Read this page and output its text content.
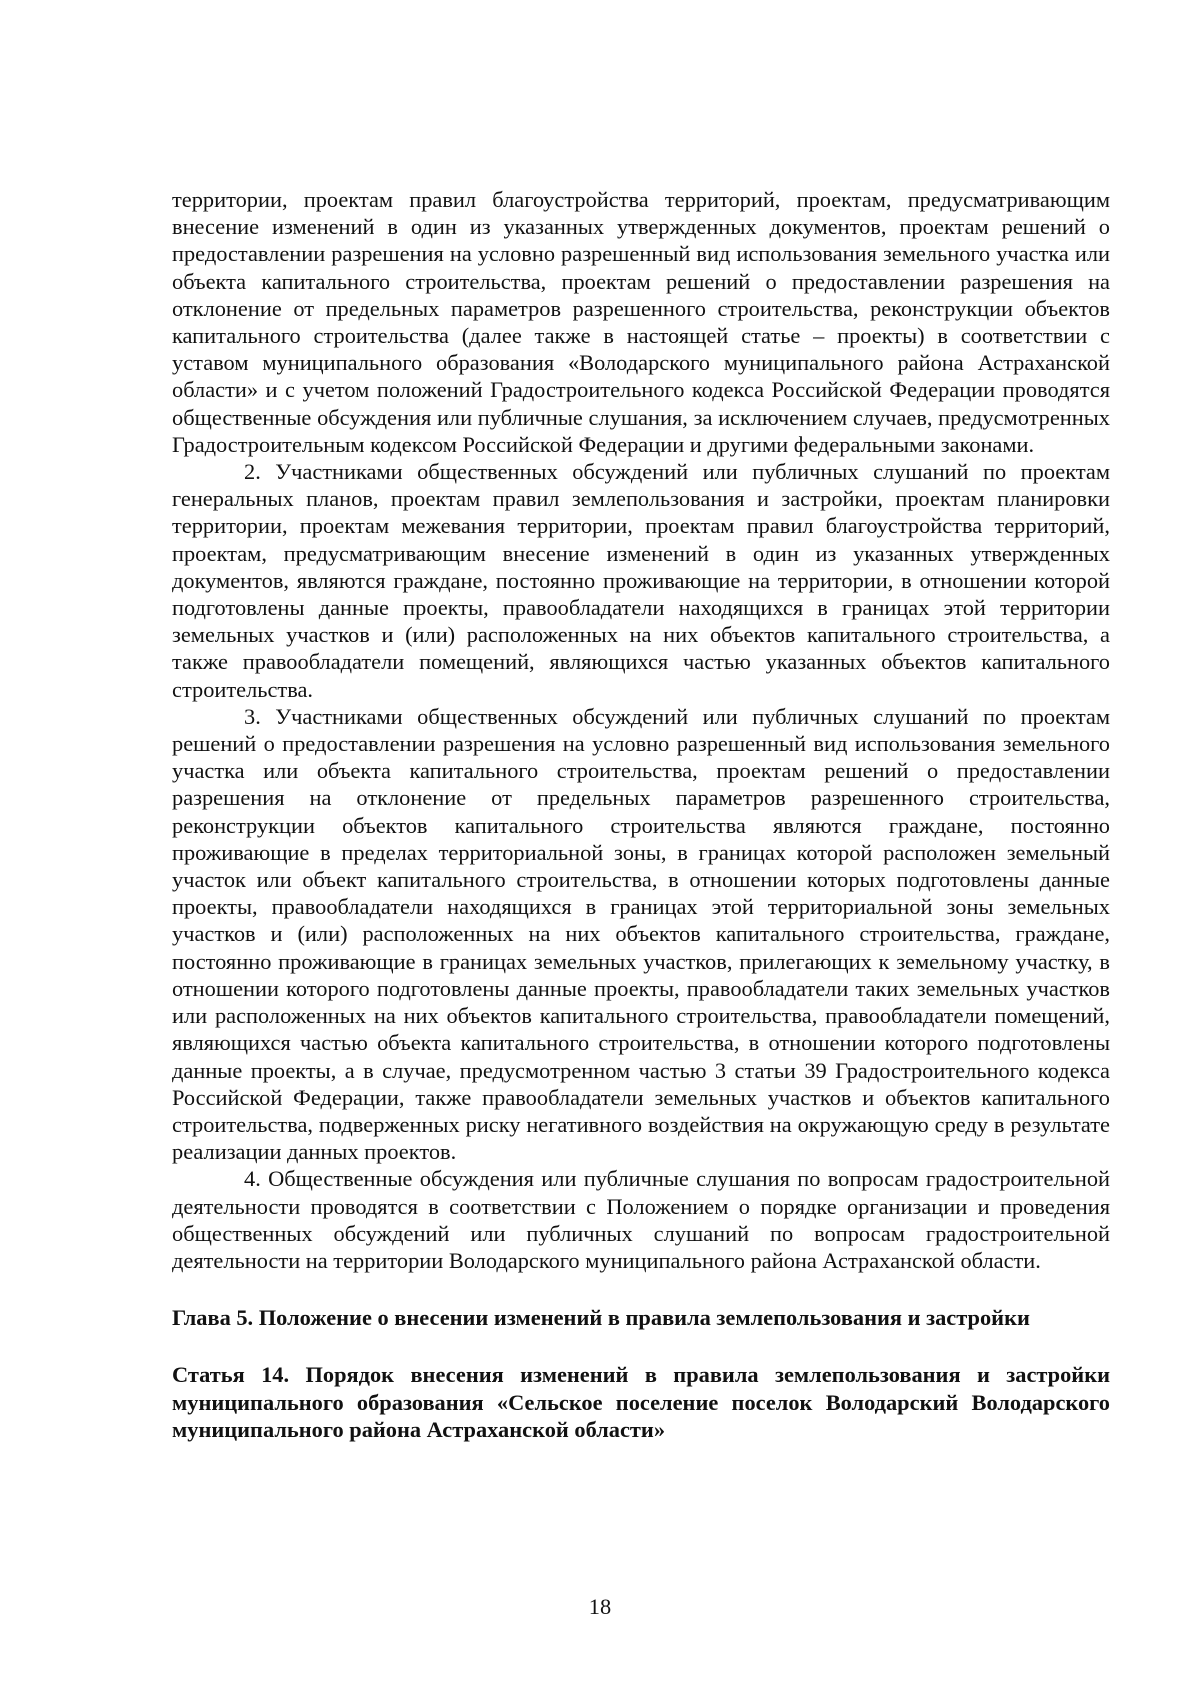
территории, проектам правил благоустройства территорий, проектам, предусматривающим внесение изменений в один из указанных утвержденных документов, проектам решений о предоставлении разрешения на условно разрешенный вид использования земельного участка или объекта капитального строительства, проектам решений о предоставлении разрешения на отклонение от предельных параметров разрешенного строительства, реконструкции объектов капитального строительства (далее также в настоящей статье – проекты) в соответствии с уставом муниципального образования «Володарского муниципального района Астраханской области» и с учетом положений Градостроительного кодекса Российской Федерации проводятся общественные обсуждения или публичные слушания, за исключением случаев, предусмотренных Градостроительным кодексом Российской Федерации и другими федеральными законами.

2. Участниками общественных обсуждений или публичных слушаний по проектам генеральных планов, проектам правил землепользования и застройки, проектам планировки территории, проектам межевания территории, проектам правил благоустройства территорий, проектам, предусматривающим внесение изменений в один из указанных утвержденных документов, являются граждане, постоянно проживающие на территории, в отношении которой подготовлены данные проекты, правообладатели находящихся в границах этой территории земельных участков и (или) расположенных на них объектов капитального строительства, а также правообладатели помещений, являющихся частью указанных объектов капитального строительства.

3. Участниками общественных обсуждений или публичных слушаний по проектам решений о предоставлении разрешения на условно разрешенный вид использования земельного участка или объекта капитального строительства, проектам решений о предоставлении разрешения на отклонение от предельных параметров разрешенного строительства, реконструкции объектов капитального строительства являются граждане, постоянно проживающие в пределах территориальной зоны, в границах которой расположен земельный участок или объект капитального строительства, в отношении которых подготовлены данные проекты, правообладатели находящихся в границах этой территориальной зоны земельных участков и (или) расположенных на них объектов капитального строительства, граждане, постоянно проживающие в границах земельных участков, прилегающих к земельному участку, в отношении которого подготовлены данные проекты, правообладатели таких земельных участков или расположенных на них объектов капитального строительства, правообладатели помещений, являющихся частью объекта капитального строительства, в отношении которого подготовлены данные проекты, а в случае, предусмотренном частью 3 статьи 39 Градостроительного кодекса Российской Федерации, также правообладатели земельных участков и объектов капитального строительства, подверженных риску негативного воздействия на окружающую среду в результате реализации данных проектов.

4. Общественные обсуждения или публичные слушания по вопросам градостроительной деятельности проводятся в соответствии с Положением о порядке организации и проведения общественных обсуждений или публичных слушаний по вопросам градостроительной деятельности на территории Володарского муниципального района Астраханской области.

Глава 5. Положение о внесении изменений в правила землепользования и застройки

Статья 14. Порядок внесения изменений в правила землепользования и застройки муниципального образования «Сельское поселение поселок Володарский Володарского муниципального района Астраханской области»

18
